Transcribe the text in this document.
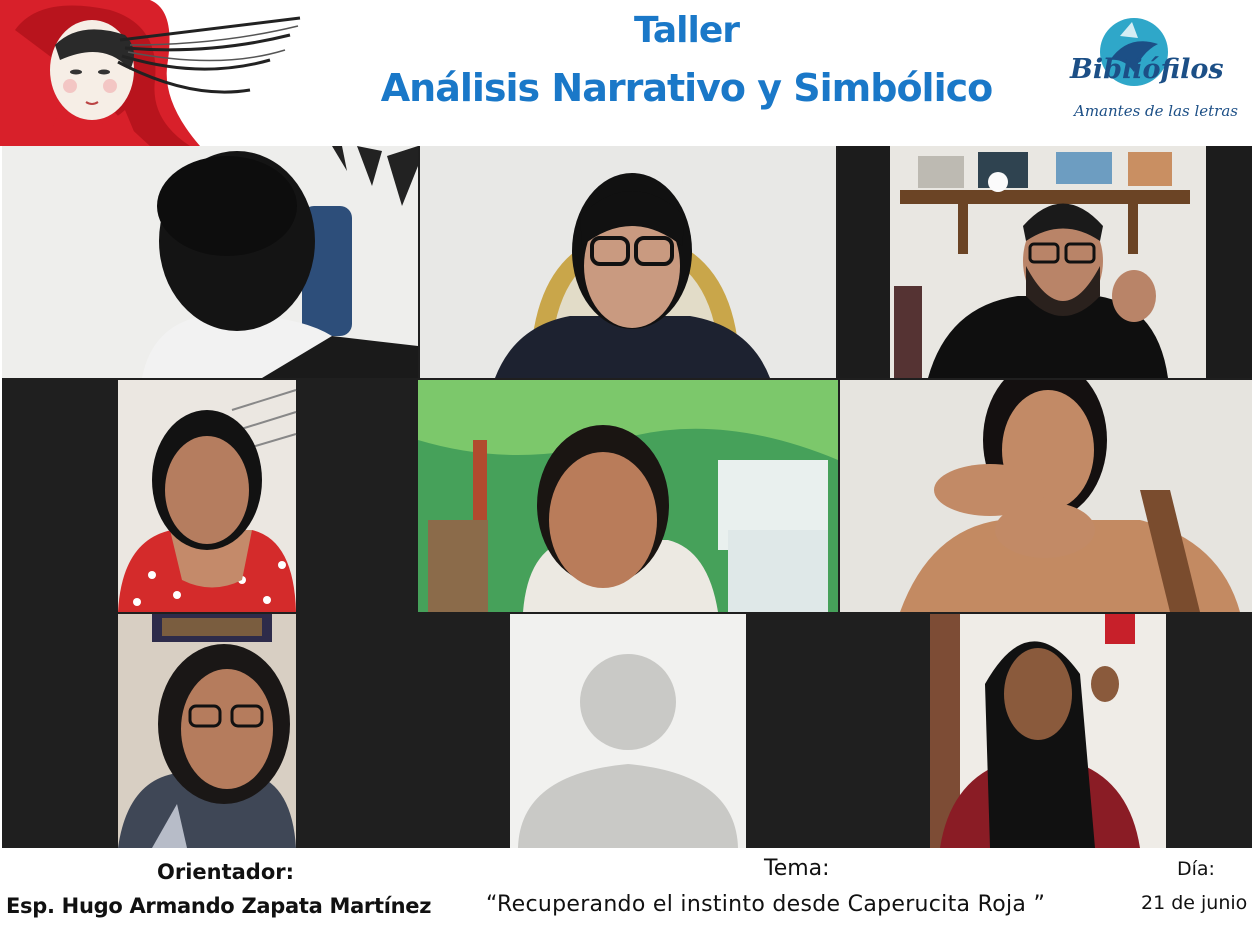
Taller
Análisis Narrativo y Simbólico	Bibliófilos
Amantes de las letras
Orientador:
Esp. Hugo Armando Zapata Martínez
Tema:
“Recuperando el instinto desde Caperucita Roja ”
Día:
21 de junio
